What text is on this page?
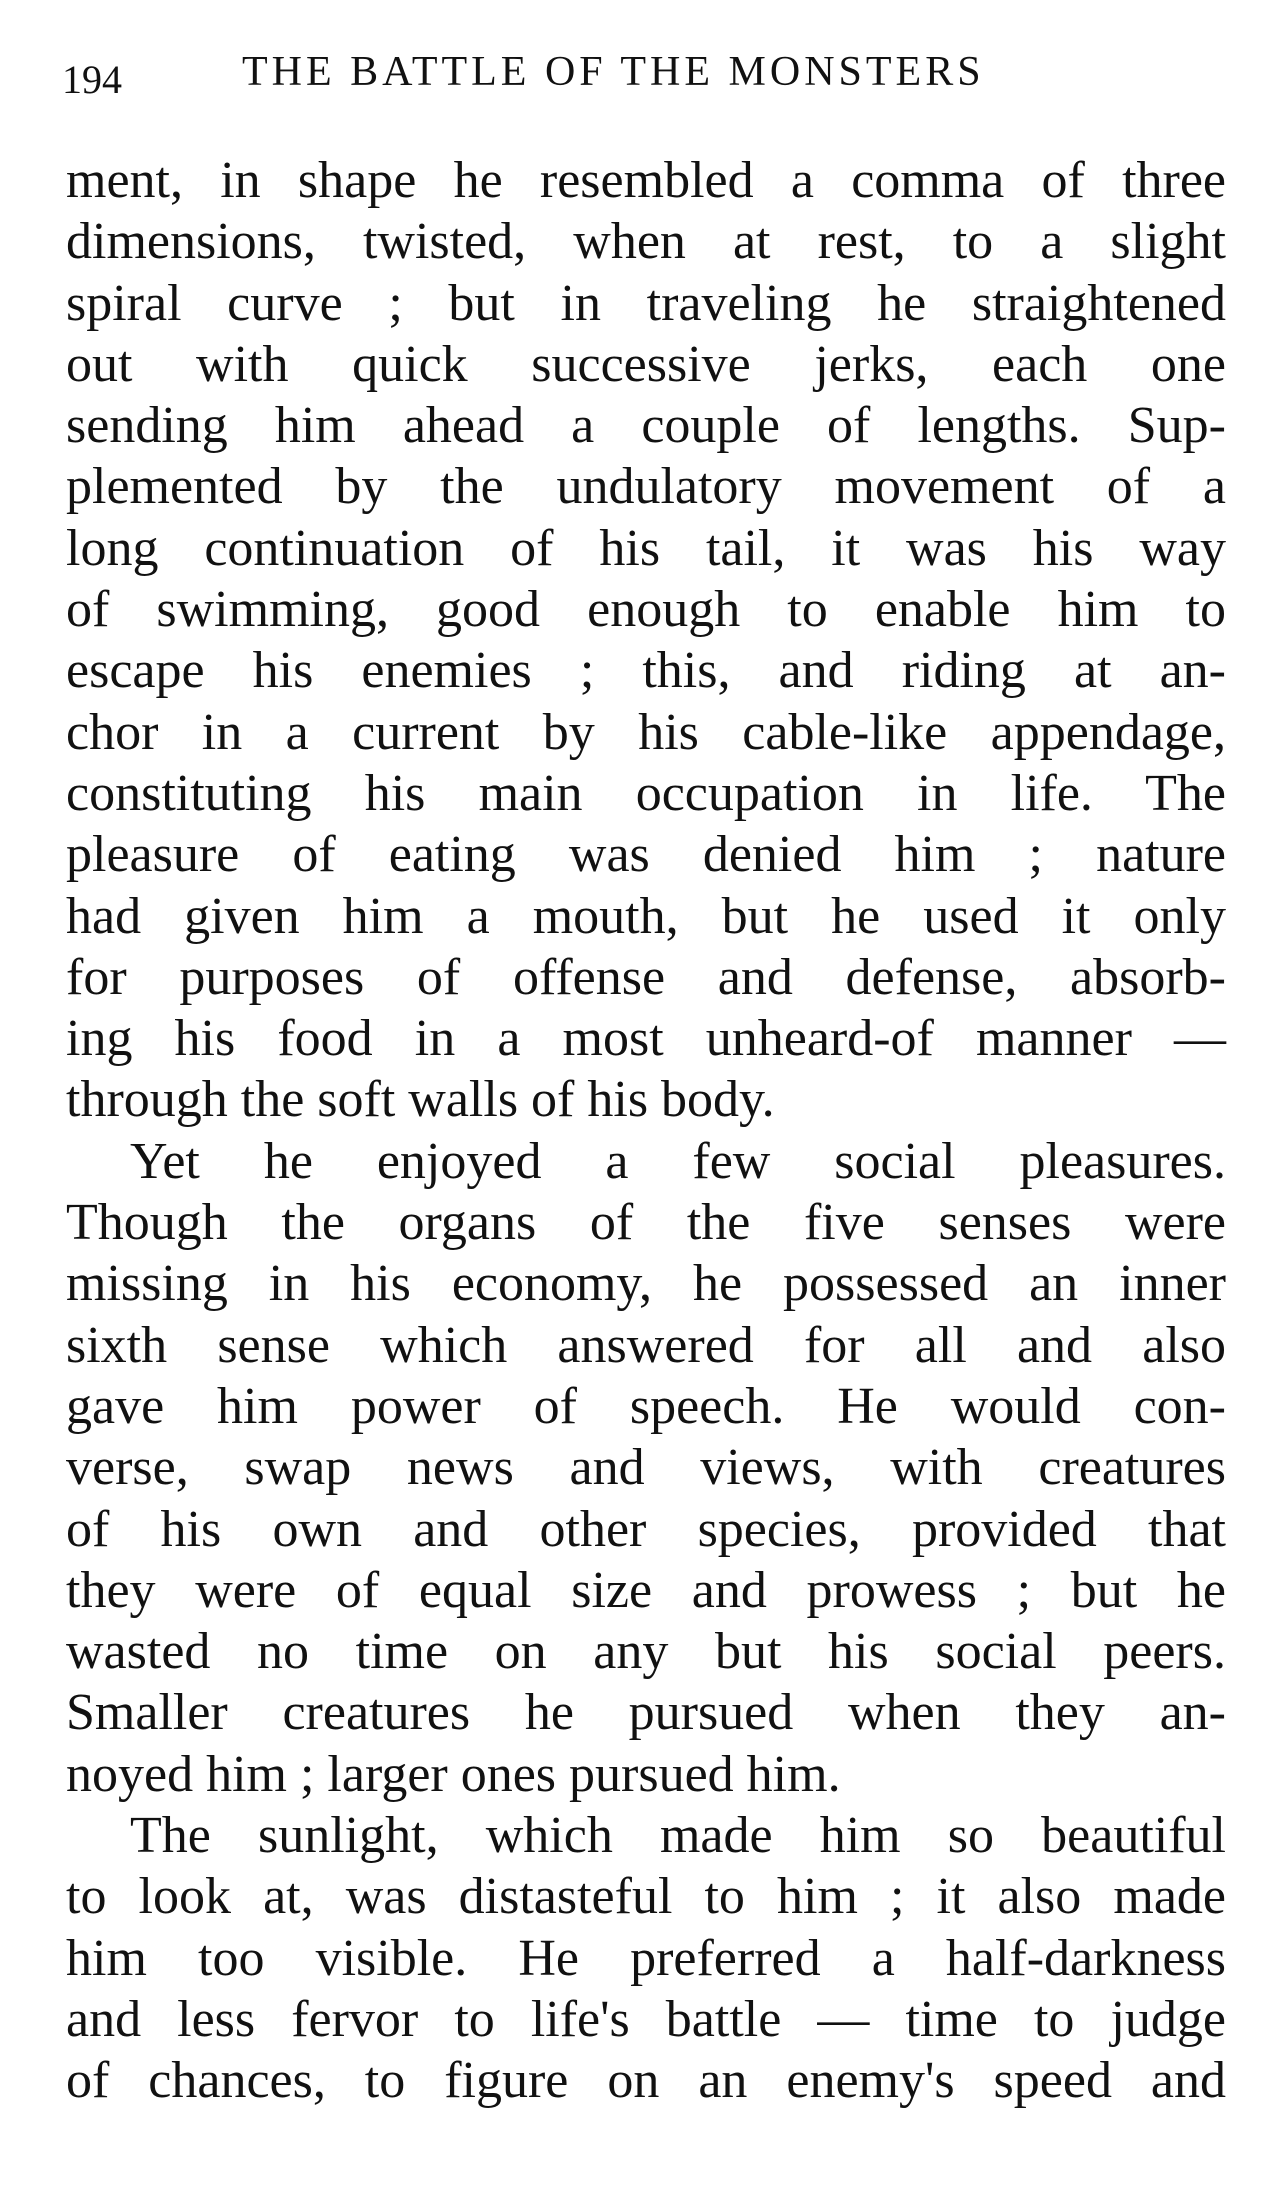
194	THE BATTLE OF THE MONSTERS
ment, in shape he resembled a comma of three
dimensions, twisted, when at rest, to a slight
spiral curve ; but in traveling he straightened
out with quick successive jerks, each one
sending him ahead a couple of lengths. Sup-
plemented by the undulatory movement of a
long continuation of his tail, it was his way
of swimming, good enough to enable him to
escape his enemies ; this, and riding at an-
chor in a current by his cable-like appendage,
constituting his main occupation in life. The
pleasure of eating was denied him ; nature
had given him a mouth, but he used it only
for purposes of offense and defense, absorb-
ing his food in a most unheard-of manner —
through the soft walls of his body.
Yet he enjoyed a few social pleasures.
Though the organs of the five senses were
missing in his economy, he possessed an inner
sixth sense which answered for all and also
gave him power of speech. He would con-
verse, swap news and views, with creatures
of his own and other species, provided that
they were of equal size and prowess ; but he
wasted no time on any but his social peers.
Smaller creatures he pursued when they an-
noyed him ; larger ones pursued him.
The sunlight, which made him so beautiful
to look at, was distasteful to him ; it also made
him too visible. He preferred a half-darkness
and less fervor to life's battle — time to judge
of chances, to figure on an enemy's speed and
